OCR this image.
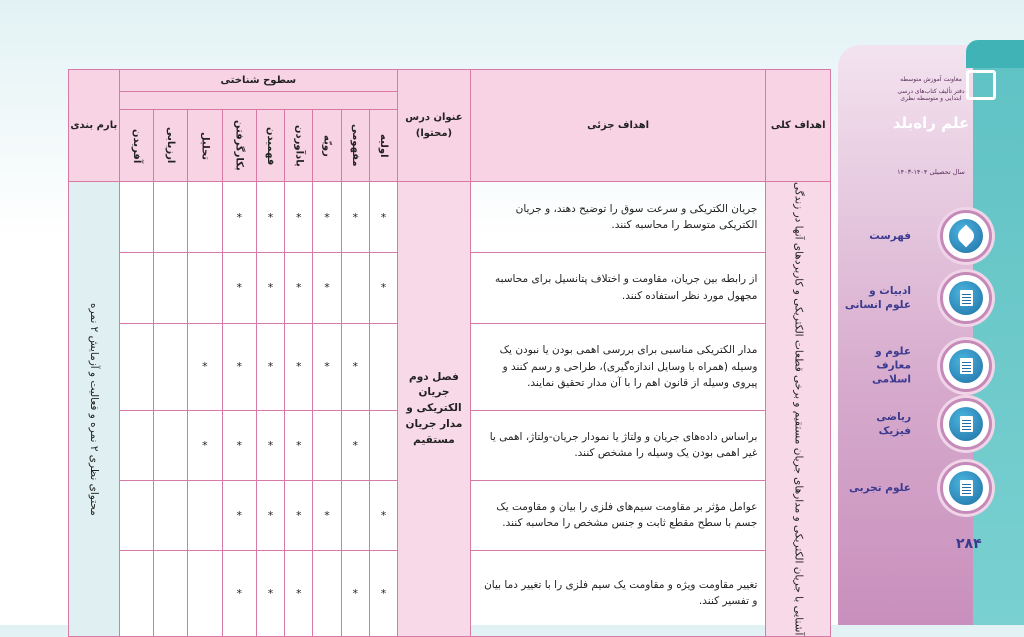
اهداف کلی	اهداف جزئی	عنوان درس (محتوا)	سطوح شناختی									بارم بندی

			اولیه	مفهومی	رویّه	یادآوردن	فهمیدن	بکارگرفتن	تحلیل	ارزیابی	آفریدن	

آشنایی با جریان الکتریکی و مدارهای جریان مستقیم و برخی قطعات الکتریکی و کاربردهای آنها در زندگی	جریان الکتریکی و سرعت سوق را توضیح دهند، و جریان الکتریکی متوسط را محاسبه کنند.	فصل دوم جریان الکتریکی و مدار جریان مستقیم	*	*	*	*	*	*				محتوای نظری ۲ نمره و فعالیت و آزمایش ۲ نمره

	از رابطه بین جریان، مقاومت و اختلاف پتانسیل برای محاسبه مجهول مورد نظر استفاده کنند.		*		*	*	*	*				
	مدار الکتریکی مناسبی برای بررسی اهمی بودن یا نبودن یک وسیله (همراه با وسایل اندازه‌گیری)، طراحی و رسم کنند و پیروی وسیله از قانون اهم را با آن مدار تحقیق نمایند.			*	*	*	*	*	*			
	براساس داده‌های جریان و ولتاژ یا نمودار جریان-ولتاژ، اهمی یا غیر اهمی بودن یک وسیله را مشخص کنند.			*		*	*	*	*			
	عوامل مؤثر بر مقاومت سیم‌های فلزی را بیان و مقاومت یک جسم با سطح مقطع ثابت و جنس مشخص را محاسبه کنند.		*		*	*	*	*				
	تغییر مقاومت ویژه و مقاومت یک سیم فلزی را با تغییر دما بیان و تفسیر کنند.		*	*		*	*	*				
معاونت آموزش متوسطه
دفتر تألیف کتاب‌های درسی ابتدایی و متوسطه نظری
علم راه‌بلد
سال تحصیلی ۱۴۰۴-۱۴۰۳
فهرست
ادبیات و علوم انسانی
علوم و معارف اسلامی
ریاضی فیزیک
علوم تجربی
۲۸۴
